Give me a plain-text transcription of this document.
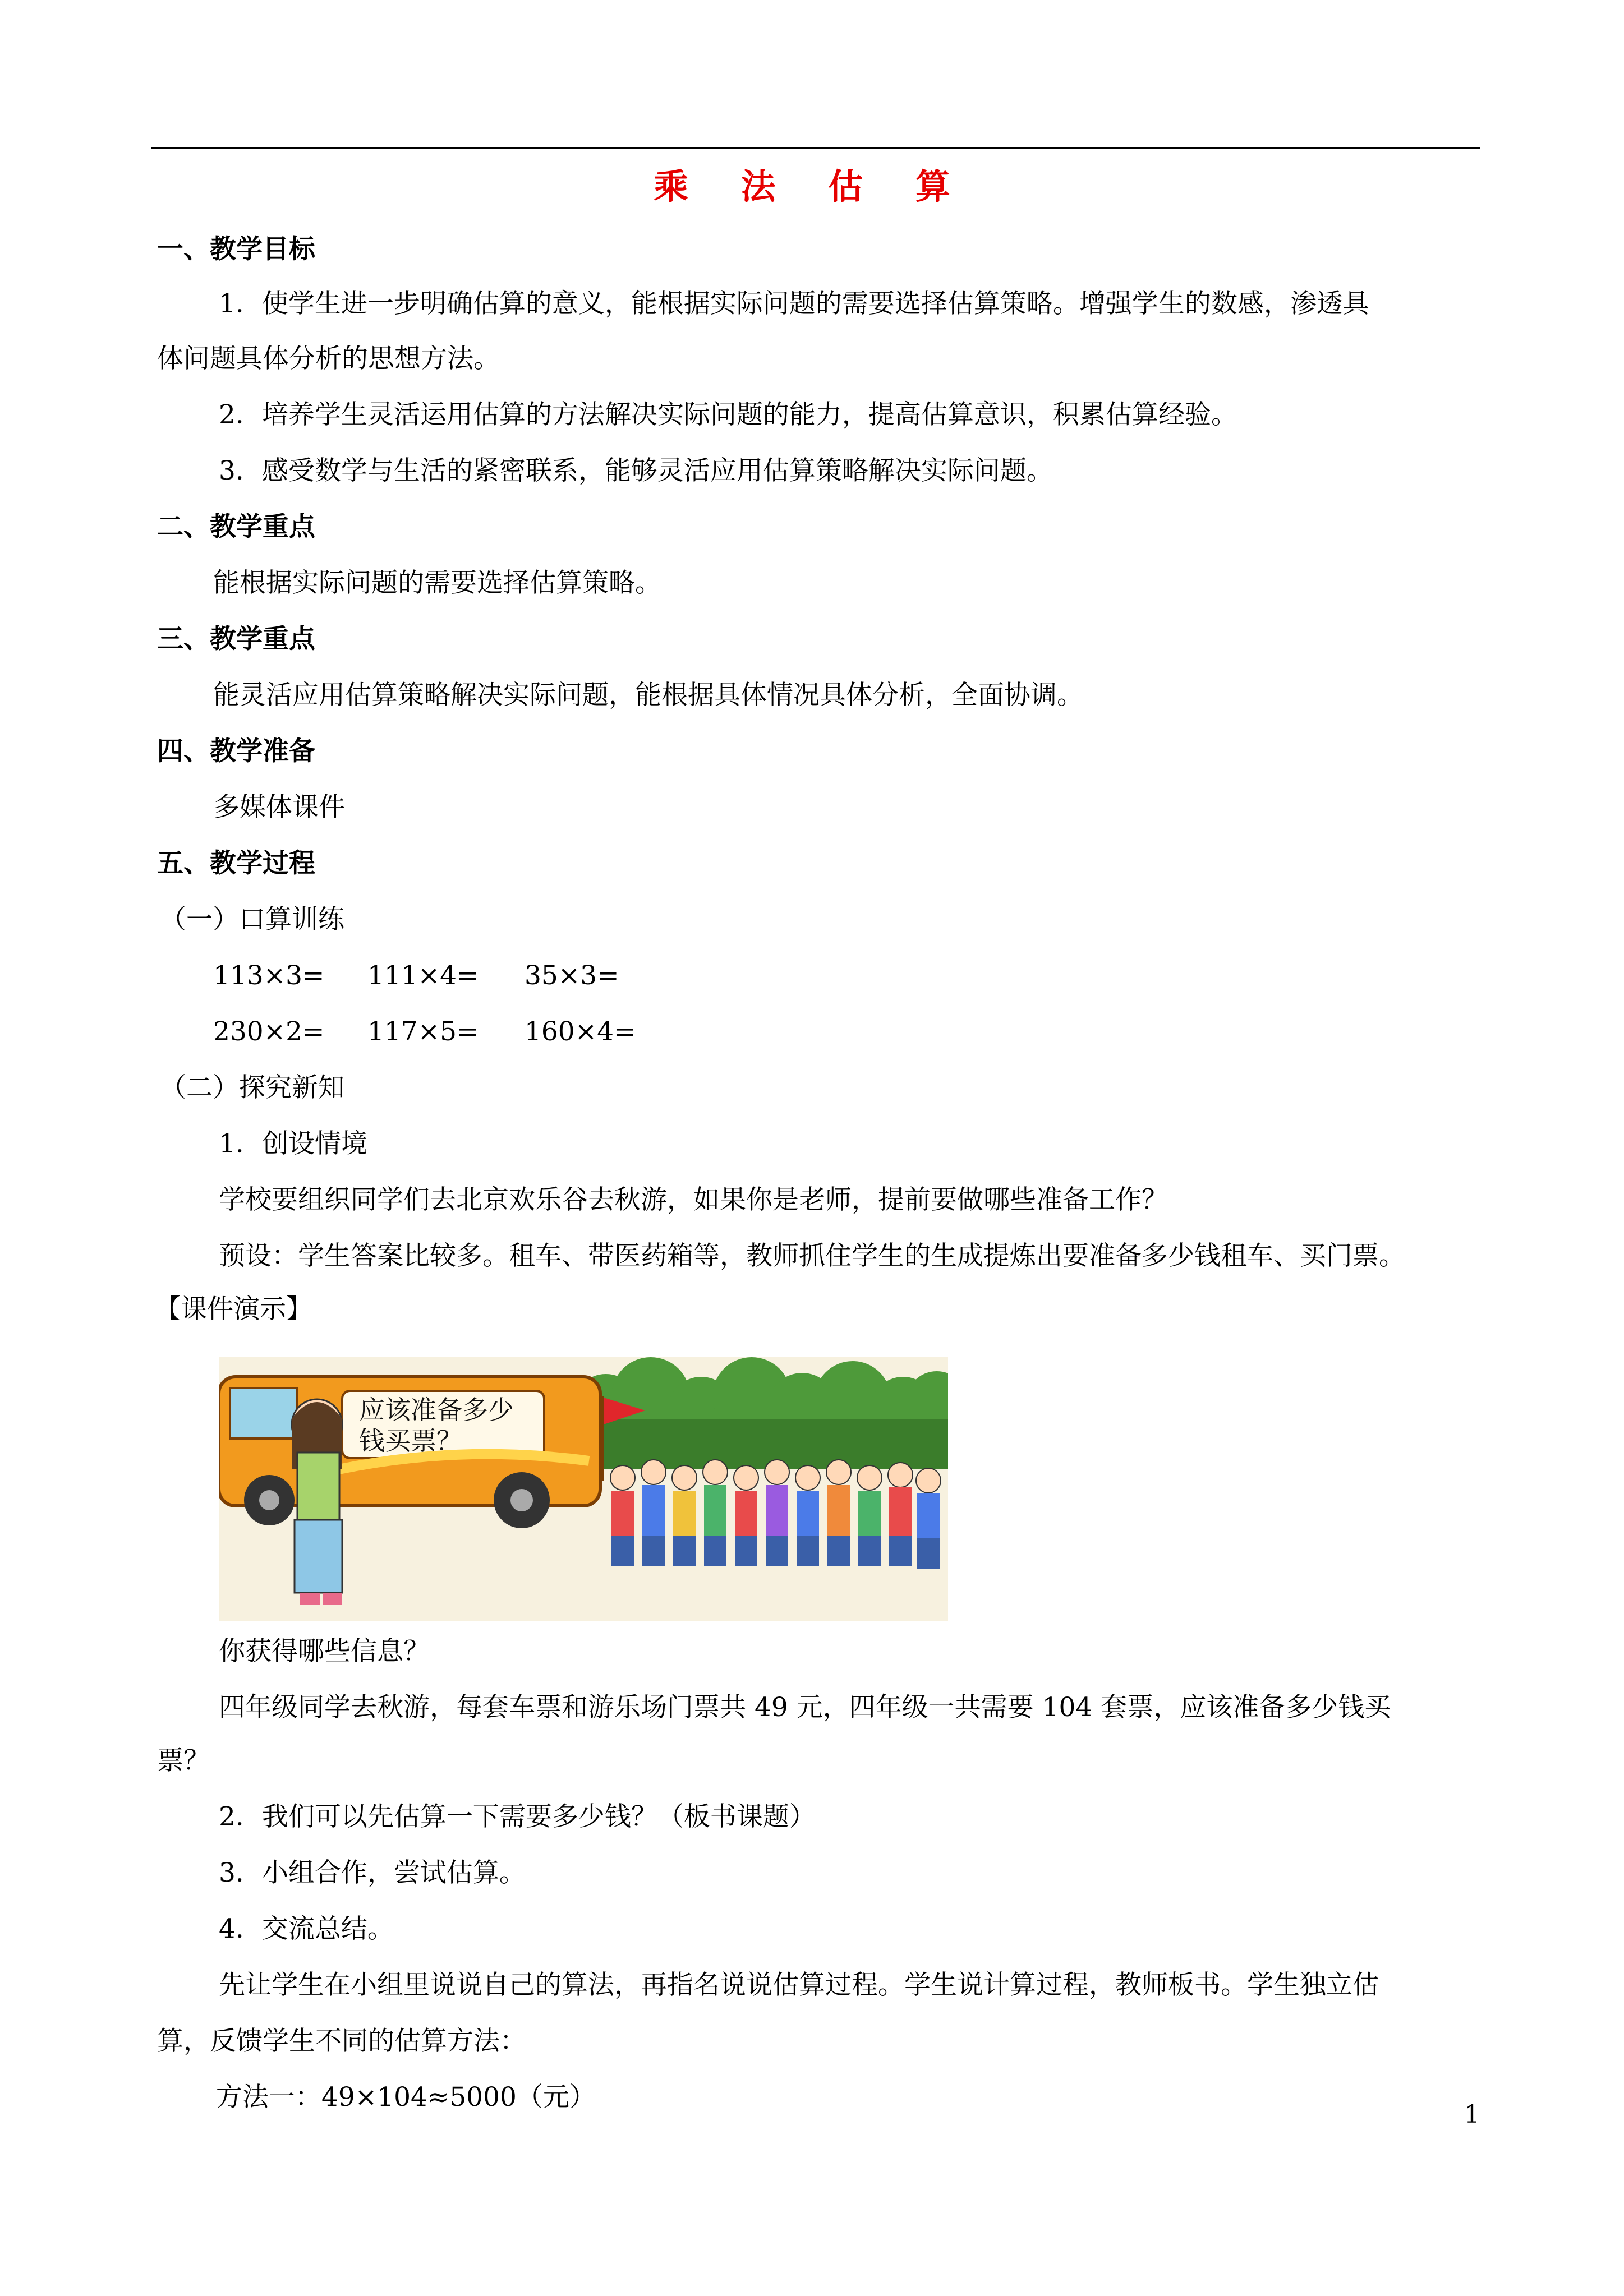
乘 法 估 算
一、教学目标
1．使学生进一步明确估算的意义，能根据实际问题的需要选择估算策略。增强学生的数感，渗透具
体问题具体分析的思想方法。
2．培养学生灵活运用估算的方法解决实际问题的能力，提高估算意识，积累估算经验。
3．感受数学与生活的紧密联系，能够灵活应用估算策略解决实际问题。
二、教学重点
能根据实际问题的需要选择估算策略。
三、教学重点
能灵活应用估算策略解决实际问题，能根据具体情况具体分析，全面协调。
四、教学准备
多媒体课件
五、教学过程
（一）口算训练
113×3= 111×4= 35×3=
230×2= 117×5= 160×4=
（二）探究新知
1．创设情境
学校要组织同学们去北京欢乐谷去秋游，如果你是老师，提前要做哪些准备工作？
预设：学生答案比较多。租车、带医药箱等，教师抓住学生的生成提炼出要准备多少钱租车、买门票。
【课件演示】
应该准备多少
钱买票？
你获得哪些信息？
四年级同学去秋游，每套车票和游乐场门票共 49 元，四年级一共需要 104 套票，应该准备多少钱买
票？
2．我们可以先估算一下需要多少钱？（板书课题）
3．小组合作，尝试估算。
4．交流总结。
先让学生在小组里说说自己的算法，再指名说说估算过程。学生说计算过程，教师板书。学生独立估
算，反馈学生不同的估算方法：
方法一：49×104≈5000（元）
1
